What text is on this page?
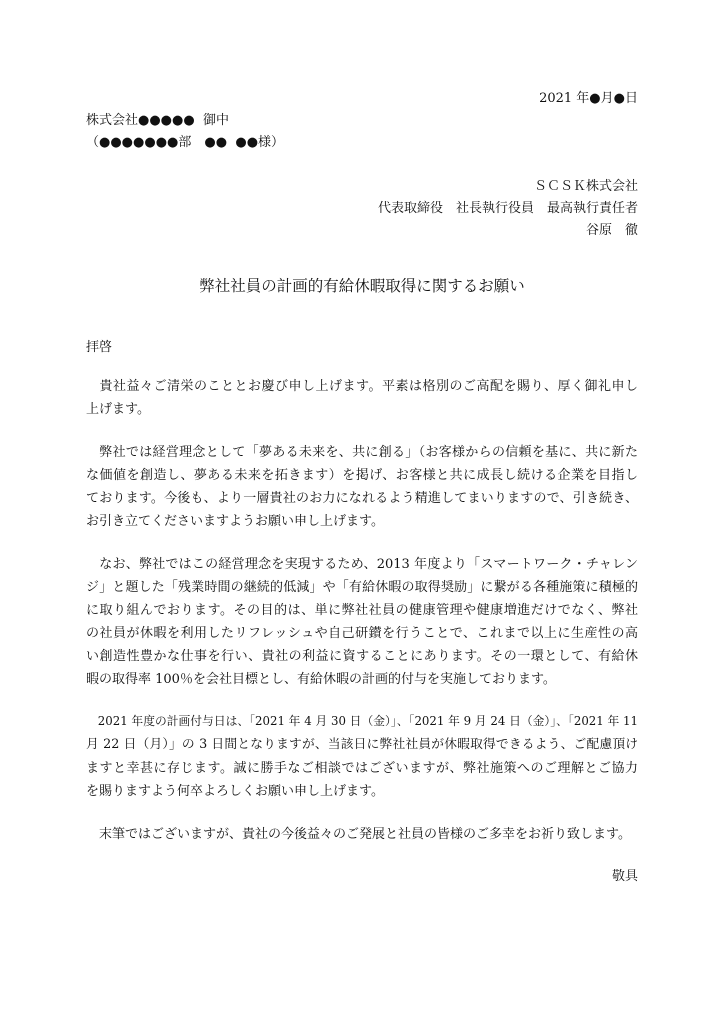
2021 年●月●日
株式会社●●●●●  御中
（●●●●●●●部　●●  ●●様）
ＳＣＳＫ株式会社
代表取締役　社長執行役員　最高執行責任者
谷原　徹
弊社社員の計画的有給休暇取得に関するお願い
拝啓
　貴社益々ご清栄のこととお慶び申し上げます。平素は格別のご高配を賜り、厚く御礼申し
上げます。
　弊社では経営理念として「夢ある未来を、共に創る」（お客様からの信頼を基に、共に新た
な価値を創造し、夢ある未来を拓きます）を掲げ、お客様と共に成長し続ける企業を目指し
ております。今後も、より一層貴社のお力になれるよう精進してまいりますので、引き続き、
お引き立てくださいますようお願い申し上げます。
　なお、弊社ではこの経営理念を実現するため、2013 年度より「スマートワーク・チャレン
ジ」と題した「残業時間の継続的低減」や「有給休暇の取得奨励」に繋がる各種施策に積極的
に取り組んでおります。その目的は、単に弊社社員の健康管理や健康増進だけでなく、弊社
の社員が休暇を利用したリフレッシュや自己研鑚を行うことで、これまで以上に生産性の高
い創造性豊かな仕事を行い、貴社の利益に資することにあります。その一環として、有給休
暇の取得率 100％を会社目標とし、有給休暇の計画的付与を実施しております。
　2021 年度の計画付与日は、「2021 年 4 月 30 日（金）」、「2021 年 9 月 24 日（金）」、「2021 年 11
月 22 日（月）」の 3 日間となりますが、当該日に弊社社員が休暇取得できるよう、ご配慮頂け
ますと幸甚に存じます。誠に勝手なご相談ではございますが、弊社施策へのご理解とご協力
を賜りますよう何卒よろしくお願い申し上げます。
　末筆ではございますが、貴社の今後益々のご発展と社員の皆様のご多幸をお祈り致します。
敬具
